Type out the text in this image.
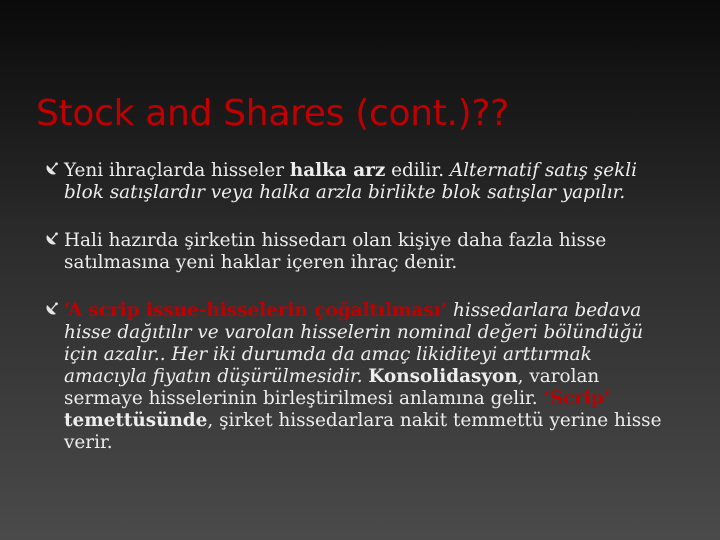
Stock and Shares (cont.)??
Yeni ihraçlarda hisseler halka arz edilir. Alternatif satış şekli blok satışlardır veya halka arzla birlikte blok satışlar yapılır.
Hali hazırda şirketin hissedarı olan kişiye daha fazla hisse satılmasına yeni haklar içeren ihraç denir.
‘A scrip issue-hisselerin çoğaltılması’ hissedarlara bedava hisse dağıtılır ve varolan hisselerin nominal değeri bölündüğü için azalır.. Her iki durumda da amaç likiditeyi arttırmak amacıyla fiyatın düşürülmesidir. Konsolidasyon, varolan sermaye hisselerinin birleştirilmesi anlamına gelir. ‘Scrip’ temettüsünde, şirket hissedarlara nakit temmettü yerine hisse verir.
